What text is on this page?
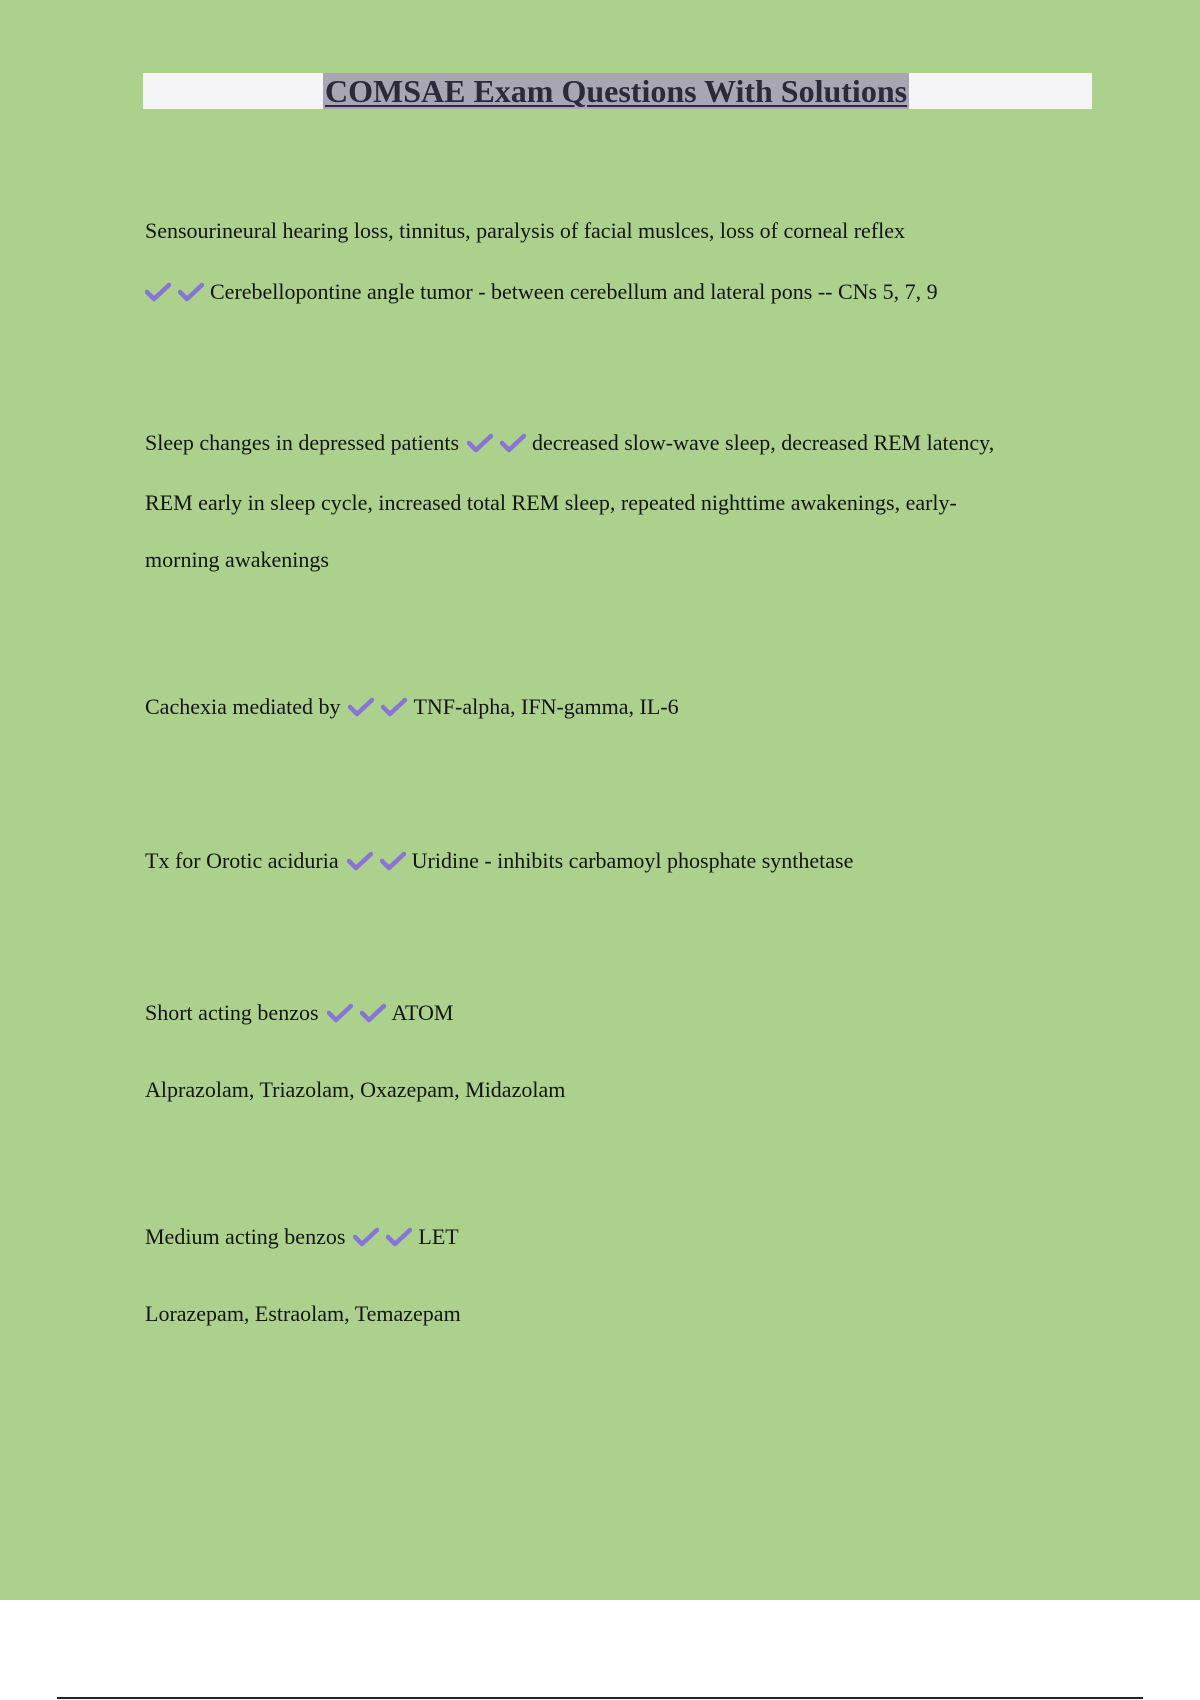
COMSAE Exam Questions With Solutions
Sensourineural hearing loss, tinnitus, paralysis of facial muslces, loss of corneal reflex
Cerebellopontine angle tumor - between cerebellum and lateral pons -- CNs 5, 7, 9
Sleep changes in depressed patients	decreased slow-wave sleep, decreased REM latency,
REM early in sleep cycle, increased total REM sleep, repeated nighttime awakenings, early-
morning awakenings
Cachexia mediated by	TNF-alpha, IFN-gamma, IL-6
Tx for Orotic aciduria	Uridine - inhibits carbamoyl phosphate synthetase
Short acting benzos	ATOM
Alprazolam, Triazolam, Oxazepam, Midazolam
Medium acting benzos	LET
Lorazepam, Estraolam, Temazepam
